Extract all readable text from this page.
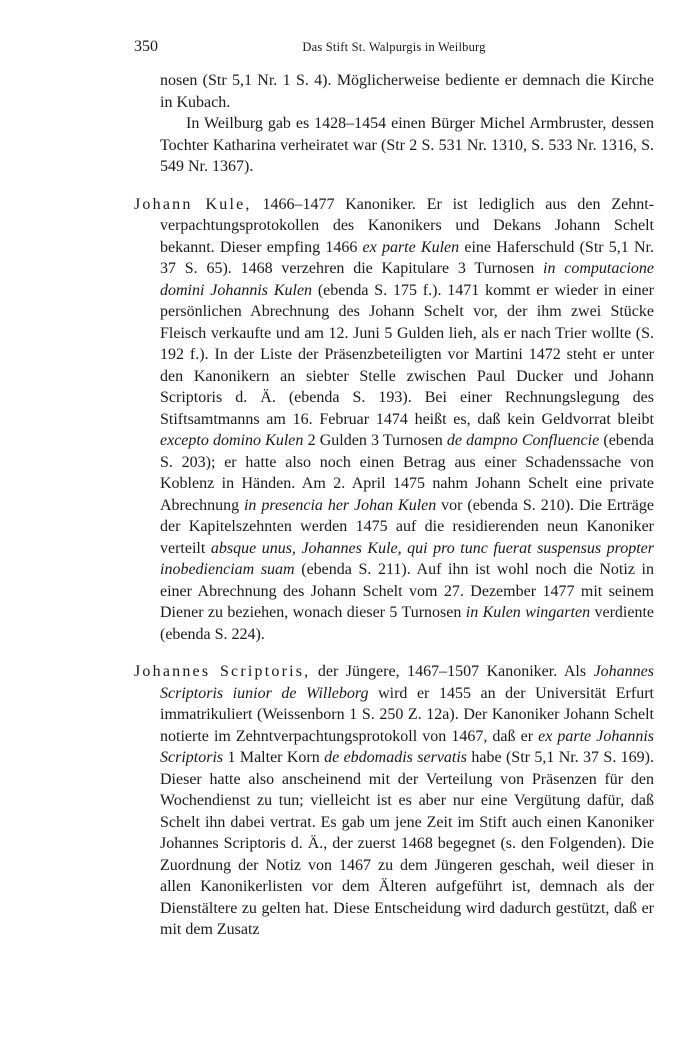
350	Das Stift St. Walpurgis in Weilburg

nosen (Str 5,1 Nr. 1 S. 4). Möglicherweise bediente er demnach die Kirche in Kubach.

In Weilburg gab es 1428–1454 einen Bürger Michel Armbruster, dessen Tochter Katharina verheiratet war (Str 2 S. 531 Nr. 1310, S. 533 Nr. 1316, S. 549 Nr. 1367).

Johann Kule, 1466–1477 Kanoniker. Er ist lediglich aus den Zehntverpachtungsprotokollen des Kanonikers und Dekans Johann Schelt bekannt. Dieser empfing 1466 ex parte Kulen eine Haferschuld (Str 5,1 Nr. 37 S. 65). 1468 verzehren die Kapitulare 3 Turnosen in computacione domini Johannis Kulen (ebenda S. 175 f.). 1471 kommt er wieder in einer persönlichen Abrechnung des Johann Schelt vor, der ihm zwei Stücke Fleisch verkaufte und am 12. Juni 5 Gulden lieh, als er nach Trier wollte (S. 192 f.). In der Liste der Präsenzbeteiligten vor Martini 1472 steht er unter den Kanonikern an siebter Stelle zwischen Paul Ducker und Johann Scriptoris d. Ä. (ebenda S. 193). Bei einer Rechnungslegung des Stiftsamtmanns am 16. Februar 1474 heißt es, daß kein Geldvorrat bleibt excepto domino Kulen 2 Gulden 3 Turnosen de dampno Confluencie (ebenda S. 203); er hatte also noch einen Betrag aus einer Schadenssache von Koblenz in Händen. Am 2. April 1475 nahm Johann Schelt eine private Abrechnung in presencia her Johan Kulen vor (ebenda S. 210). Die Erträge der Kapitelszehnten werden 1475 auf die residierenden neun Kanoniker verteilt absque unus, Johannes Kule, qui pro tunc fuerat suspensus propter inobedienciam suam (ebenda S. 211). Auf ihn ist wohl noch die Notiz in einer Abrechnung des Johann Schelt vom 27. Dezember 1477 mit seinem Diener zu beziehen, wonach dieser 5 Turnosen in Kulen wingarten verdiente (ebenda S. 224).

Johannes Scriptoris, der Jüngere, 1467–1507 Kanoniker. Als Johannes Scriptoris iunior de Willeborg wird er 1455 an der Universität Erfurt immatrikuliert (Weissenborn 1 S. 250 Z. 12a). Der Kanoniker Johann Schelt notierte im Zehntverpachtungsprotokoll von 1467, daß er ex parte Johannis Scriptoris 1 Malter Korn de ebdomadis servatis habe (Str 5,1 Nr. 37 S. 169). Dieser hatte also anscheinend mit der Verteilung von Präsenzen für den Wochendienst zu tun; vielleicht ist es aber nur eine Vergütung dafür, daß Schelt ihn dabei vertrat. Es gab um jene Zeit im Stift auch einen Kanoniker Johannes Scriptoris d. Ä., der zuerst 1468 begegnet (s. den Folgenden). Die Zuordnung der Notiz von 1467 zu dem Jüngeren geschah, weil dieser in allen Kanonikerlisten vor dem Älteren aufgeführt ist, demnach als der Dienstältere zu gelten hat. Diese Entscheidung wird dadurch gestützt, daß er mit dem Zusatz
